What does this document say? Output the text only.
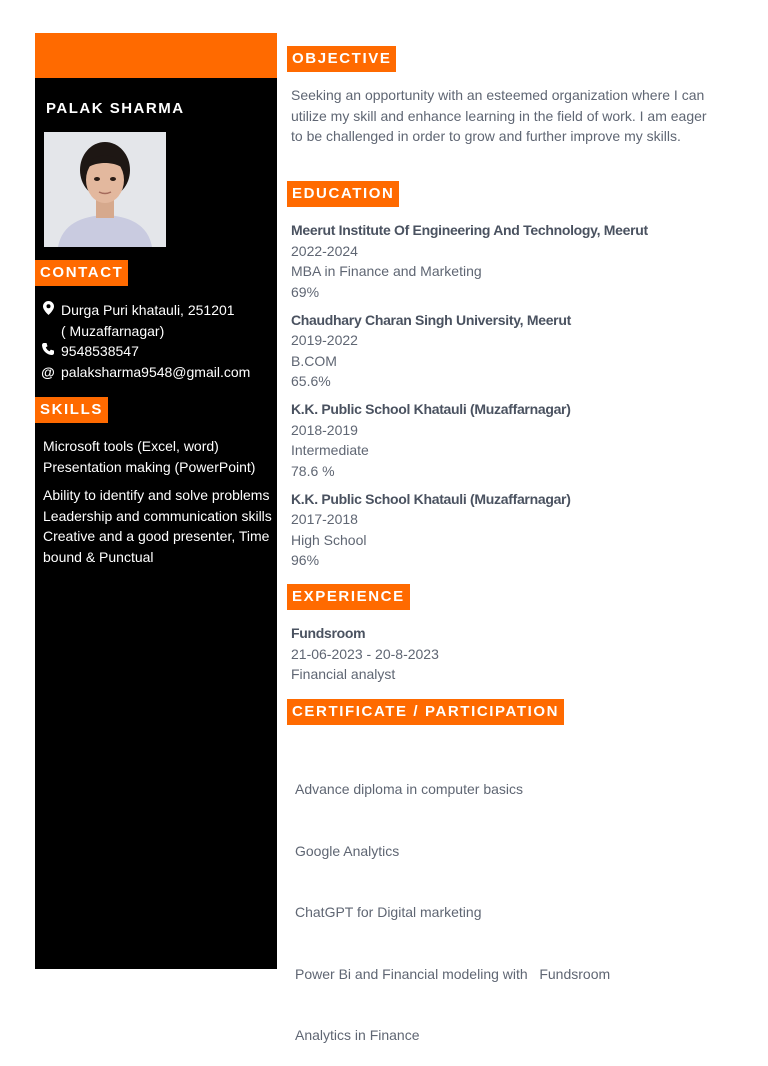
PALAK SHARMA
CONTACT
Durga Puri khatauli, 251201
( Muzaffarnagar)
9548538547
@ palaksharma9548@gmail.com
SKILLS
Microsoft tools (Excel, word)
Presentation making (PowerPoint)
Ability to identify and solve problems Leadership and communication skills Creative and a good presenter, Time bound & Punctual
OBJECTIVE
Seeking an opportunity with an esteemed organization where I can utilize my skill and enhance learning in the field of work. I am eager to be challenged in order to grow and further improve my skills.
EDUCATION
Meerut Institute Of Engineering And Technology, Meerut
2022-2024
MBA in Finance and Marketing
69%
Chaudhary Charan Singh University, Meerut
2019-2022
B.COM
65.6%
K.K. Public School Khatauli (Muzaffarnagar)
2018-2019
Intermediate
78.6 %
K.K. Public School Khatauli (Muzaffarnagar)
2017-2018
High School
96%
EXPERIENCE
Fundsroom
21-06-2023 - 20-8-2023
Financial analyst
CERTIFICATE / PARTICIPATION

Advance diploma in computer basics

Google Analytics

ChatGPT for Digital marketing

Power Bi and Financial modeling with   Fundsroom

Analytics in Finance
